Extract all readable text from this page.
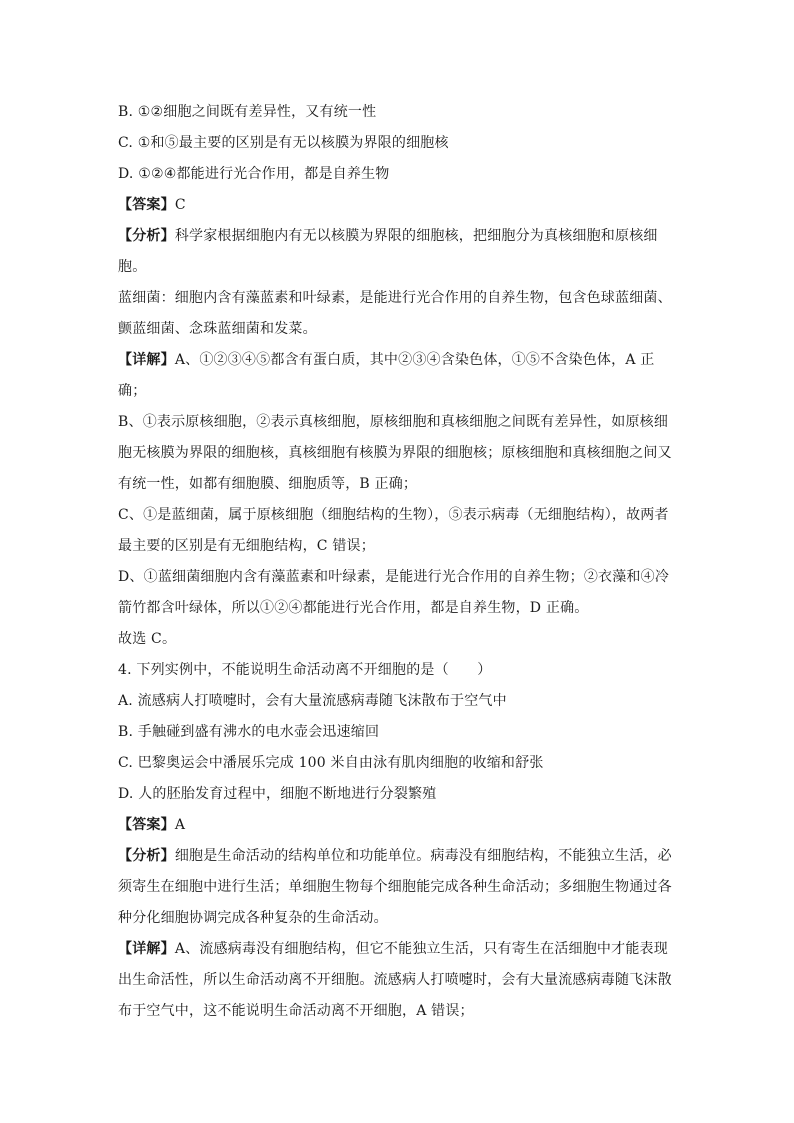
B. ①②细胞之间既有差异性，又有统一性
C. ①和⑤最主要的区别是有无以核膜为界限的细胞核
D. ①②④都能进行光合作用，都是自养生物
【答案】C
【分析】科学家根据细胞内有无以核膜为界限的细胞核，把细胞分为真核细胞和原核细
胞。
蓝细菌：细胞内含有藻蓝素和叶绿素，是能进行光合作用的自养生物，包含色球蓝细菌、
颤蓝细菌、念珠蓝细菌和发菜。
【详解】A、①②③④⑤都含有蛋白质，其中②③④含染色体，①⑤不含染色体，A 正
确；
B、①表示原核细胞，②表示真核细胞，原核细胞和真核细胞之间既有差异性，如原核细
胞无核膜为界限的细胞核，真核细胞有核膜为界限的细胞核；原核细胞和真核细胞之间又
有统一性，如都有细胞膜、细胞质等，B 正确；
C、①是蓝细菌，属于原核细胞（细胞结构的生物），⑤表示病毒（无细胞结构），故两者
最主要的区别是有无细胞结构，C 错误；
D、①蓝细菌细胞内含有藻蓝素和叶绿素，是能进行光合作用的自养生物；②衣藻和④冷
箭竹都含叶绿体，所以①②④都能进行光合作用，都是自养生物，D 正确。
故选 C。
4. 下列实例中，不能说明生命活动离不开细胞的是（　　）
A. 流感病人打喷嚏时，会有大量流感病毒随飞沫散布于空气中
B. 手触碰到盛有沸水的电水壶会迅速缩回
C. 巴黎奥运会中潘展乐完成 100 米自由泳有肌肉细胞的收缩和舒张
D. 人的胚胎发育过程中，细胞不断地进行分裂繁殖
【答案】A
【分析】细胞是生命活动的结构单位和功能单位。病毒没有细胞结构，不能独立生活，必
须寄生在细胞中进行生活；单细胞生物每个细胞能完成各种生命活动；多细胞生物通过各
种分化细胞协调完成各种复杂的生命活动。
【详解】A、流感病毒没有细胞结构，但它不能独立生活，只有寄生在活细胞中才能表现
出生命活性，所以生命活动离不开细胞。流感病人打喷嚏时，会有大量流感病毒随飞沫散
布于空气中，这不能说明生命活动离不开细胞，A 错误；
